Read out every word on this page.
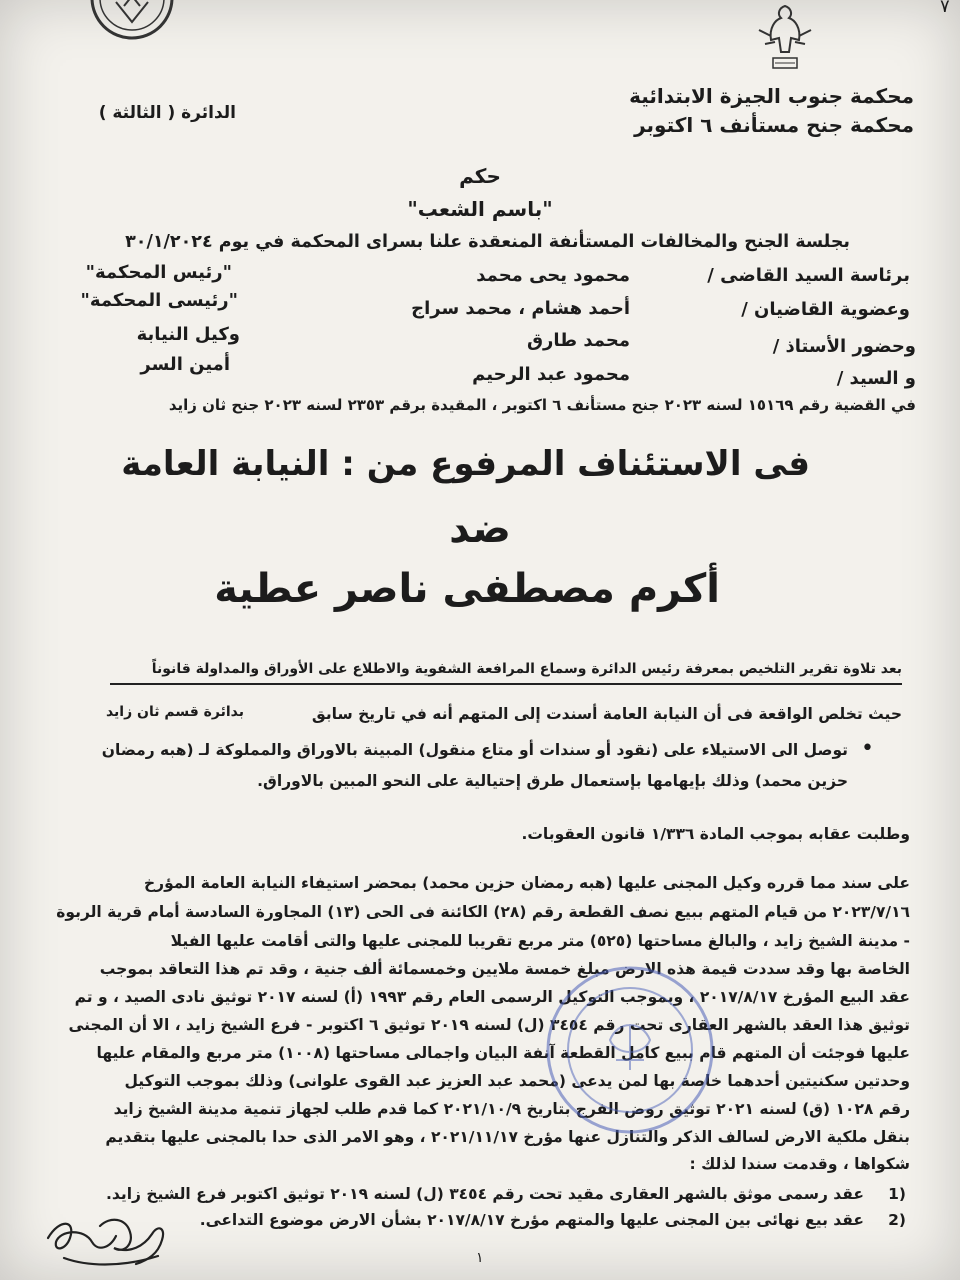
٧
محكمة جنوب الجيزة الابتدائية
محكمة جنح مستأنف ٦ اكتوبر
الدائرة ( الثالثة )
حكم
"باسم الشعب"
بجلسة الجنح والمخالفات المستأنفة المنعقدة علنا بسراى المحكمة في يوم ٣٠/١/٢٠٢٤
برئاسة السيد القاضى /
محمود يحى محمد
"رئيس المحكمة"
وعضوية القاضيان /
أحمد هشام ، محمد سراج
"رئيسى المحكمة"
وحضور الأستاذ /
محمد طارق
وكيل النيابة
و السيد /
محمود عبد الرحيم
أمين السر
في القضية رقم ١٥١٦٩ لسنه ٢٠٢٣ جنح مستأنف ٦ اكتوبر ، المقيدة برقم ٢٣٥٣ لسنه ٢٠٢٣ جنح ثان زايد
فى الاستئناف المرفوع من : النيابة العامة
ضد
أكرم مصطفى ناصر عطية
بعد تلاوة تقرير التلخيص بمعرفة رئيس الدائرة وسماع المرافعة الشفوية والاطلاع على الأوراق والمداولة قانوناً
بدائرة قسم ثان زايد	حيث تخلص الواقعة فى أن النيابة العامة أسندت إلى المتهم أنه في تاريخ سابق
•
توصل الى الاستيلاء على (نقود أو سندات أو متاع منقول) المبينة بالاوراق والمملوكة لـ (هبه رمضان
حزين محمد) وذلك بإيهامها بإستعمال طرق إحتيالية على النحو المبين بالاوراق.
وطلبت عقابه بموجب المادة ١/٣٣٦ قانون العقوبات.
على سند مما قرره وكيل المجنى عليها (هبه رمضان حزين محمد) بمحضر استيفاء النيابة العامة المؤرخ
٢٠٢٣/٧/١٦ من قيام المتهم ببيع نصف القطعة رقم (٢٨) الكائنة فى الحى (١٣) المجاورة السادسة أمام قرية الربوة
- مدينة الشيخ زايد ، والبالغ مساحتها (٥٢٥) متر مربع تقريبا للمجنى عليها والتى أقامت عليها الفيلا
الخاصة بها وقد سددت قيمة هذه الارض مبلغ خمسة ملايين وخمسمائة ألف جنية ، وقد تم هذا التعاقد بموجب
عقد البيع المؤرخ ٢٠١٧/٨/١٧ ، وبموجب التوكيل الرسمى العام رقم ١٩٩٣ (أ) لسنه ٢٠١٧ توثيق نادى الصيد ، و تم
توثيق هذا العقد بالشهر العقارى تحت رقم ٣٤٥٤ (ل) لسنه ٢٠١٩ توثيق ٦ اكتوبر - فرع الشيخ زايد ، الا أن المجنى
عليها فوجئت أن المتهم قام ببيع كامل القطعة آنفة البيان واجمالى مساحتها (١٠٠٨) متر مربع والمقام عليها
وحدتين سكنيتين أحدهما خاصة بها لمن يدعى (محمد عبد العزيز عبد القوى علوانى) وذلك بموجب التوكيل
رقم ١٠٢٨ (ق) لسنه ٢٠٢١ توثيق روض الفرج بتاريخ ٢٠٢١/١٠/٩ كما قدم طلب لجهاز تنمية مدينة الشيخ زايد
بنقل ملكية الارض لسالف الذكر والتنازل عنها مؤرخ ٢٠٢١/١١/١٧ ، وهو الامر الذى حدا بالمجنى عليها بتقديم
شكواها ، وقدمت سندا لذلك :
1)
عقد رسمى موثق بالشهر العقارى مقيد تحت رقم ٣٤٥٤ (ل) لسنه ٢٠١٩ توثيق اكتوبر فرع الشيخ زايد.
2)
عقد بيع نهائى بين المجنى عليها والمتهم مؤرخ ٢٠١٧/٨/١٧ بشأن الارض موضوع التداعى.
١
